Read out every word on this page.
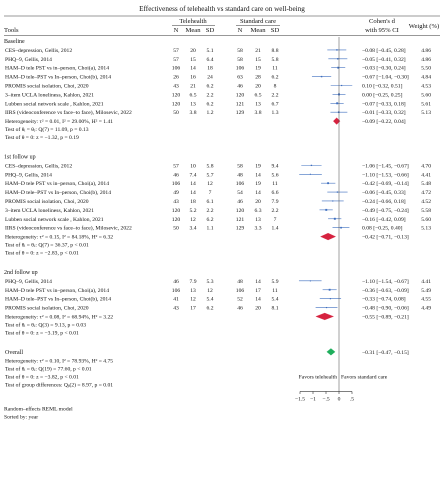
Effectiveness of telehealth vs standard care on well-being
Telehealth	Standard care
Tools	N Mean SD	N Mean SD
Cohen's d
with 95% CI
Weight (%)
Baseline
CES–depression, Gellis, 2012	57 20 5.1	58 21 8.8	−0.08 [−0.45, 0.28]	4.86
PHQ–9, Gellis, 2014	57 15 6.4	58 15 5.8	−0.05 [−0.41, 0.32]	4.86
HAM–D tele PST vs in–person, Choi(a), 2014	106 14 18	106 19 11	−0.03 [−0.30, 0.24]	5.50
HAM–D tele–PST vs In–person, Choi(b), 2014	26 16 24	63 28 6.2	−0.67 [−1.04, −0.30] 4.84
PROMIS social isolation, Choi, 2020	43 21 6.2	46 20 8	0.10 [−0.32, 0.51]	4.53
3–item UCLA loneliness, Kahlon, 2021	120 6.5 2.2	120 6.5 2.2	0.00 [−0.25, 0.25]	5.60
Lubben social network scale , Kahlon, 2021	120 13 6.2	121 13 6.7	−0.07 [−0.33, 0.18]	5.61
IIRS (videoconference vs face–to face), Milosevic, 2022	50 3.8 1.2	129 3.8 1.3	−0.01 [−0.33, 0.32]	5.13
Heterogeneity: τ² = 0.01, I² = 29.00%, H² = 1.41	−0.09 [−0.22, 0.04]
Test of θᵢ = θⱼ: Q(7) = 11.09, p = 0.13
Test of θ = 0: z = −1.32, p = 0.19
1st follow up
CES–depression, Gellis, 2012	57 10 5.8	58 19 9.4	−1.06 [−1.45, −0.67] 4.70
PHQ–9, Gellis, 2014	46 7.4 5.7	48 14 5.6	−1.10 [−1.53, −0.66] 4.41
HAM–D tele PST vs in–person, Choi(a), 2014	106 14 12	106 19 11	−0.42 [−0.69, −0.14] 5.48
HAM–D tele–PST vs In–person, Choi(b), 2014	49 14 7	54 14 6.6	−0.06 [−0.45, 0.33]	4.72
PROMIS social isolation, Choi, 2020	43 18 6.1	46 20 7.9	−0.24 [−0.66, 0.18]	4.52
3–item UCLA loneliness, Kahlon, 2021	120 5.2 2.2	120 6.3 2.2	−0.49 [−0.75, −0.24] 5.58
Lubben social network scale , Kahlon, 2021	120 12 6.2	121 13 7	−0.16 [−0.42, 0.09]	5.60
IIRS (videoconference vs face–to face), Milosevic, 2022	50 3.4 1.1	129 3.3 1.4	0.08 [−0.25, 0.40]	5.13
Heterogeneity: τ² = 0.15, I² = 84.18%, H² = 6.32	−0.42 [−0.71, −0.13]
Test of θᵢ = θⱼ: Q(7) = 36.37, p < 0.01
Test of θ = 0: z = −2.83, p < 0.01
2nd follow up
PHQ–9, Gellis, 2014	46 7.9 5.3	48 14 5.9	−1.10 [−1.54, −0.67] 4.41
HAM–D tele PST vs in–person, Choi(a), 2014	106 13 12	106 17 11	−0.36 [−0.63, −0.09] 5.49
HAM–D tele–PST vs In–person, Choi(b), 2014	41 12 5.4	52 14 5.4	−0.33 [−0.74, 0.08]	4.55
PROMIS social isolation, Choi, 2020	43 17 6.2	46 20 8.1	−0.48 [−0.90, −0.06] 4.49
Heterogeneity: τ² = 0.08, I² = 68.94%, H² = 3.22	−0.55 [−0.89, −0.21]
Test of θᵢ = θⱼ: Q(3) = 9.13, p = 0.03
Test of θ = 0: z = −3.19, p < 0.01
Overall	−0.31 [−0.47, −0.15]
Heterogeneity: τ² = 0.10, I² = 78.93%, H² = 4.75
Test of θᵢ = θⱼ: Q(19) = 77.60, p < 0.01
Test of θ = 0: z = −3.82, p < 0.01	Favors telehealth Favors standard care
Test of group differences: Qᵦ(2) = 8.97, p = 0.01
−1.5 −1 −.5 0 .5
Random–effects REML model
Sorted by: year
